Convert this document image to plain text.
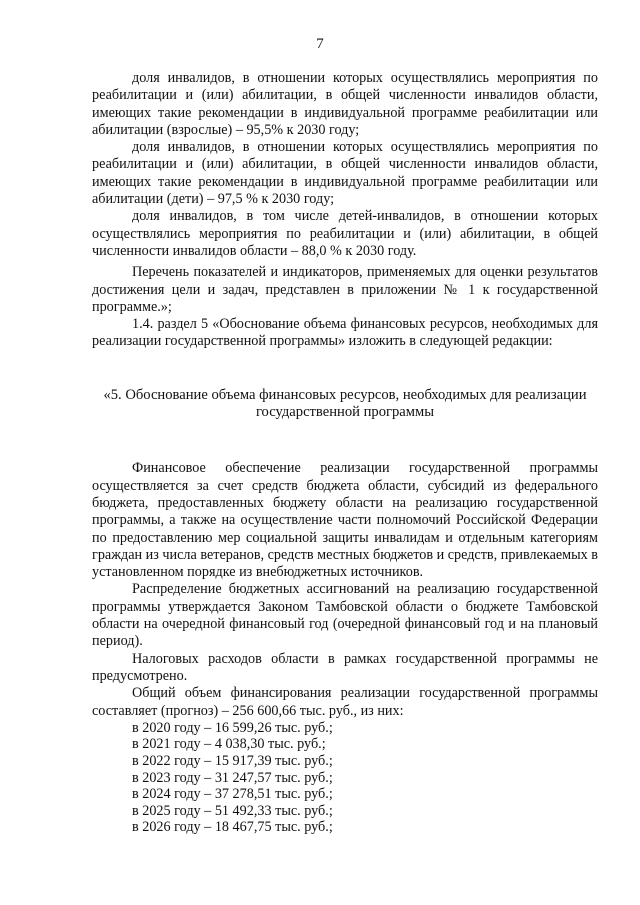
7

доля инвалидов, в отношении которых осуществлялись мероприятия по реабилитации и (или) абилитации, в общей численности инвалидов области, имеющих такие рекомендации в индивидуальной программе реабилитации или абилитации (взрослые) – 95,5% к 2030 году;

доля инвалидов, в отношении которых осуществлялись мероприятия по реабилитации и (или) абилитации, в общей численности инвалидов области, имеющих такие рекомендации в индивидуальной программе реабилитации или абилитации (дети) – 97,5 % к 2030 году;

доля инвалидов, в том числе детей-инвалидов, в отношении которых осуществлялись мероприятия по реабилитации и (или) абилитации, в общей численности инвалидов области – 88,0 % к 2030 году.

Перечень показателей и индикаторов, применяемых для оценки результатов достижения цели и задач, представлен в приложении № 1 к государственной программе.»;

1.4. раздел 5 «Обоснование объема финансовых ресурсов, необходимых для реализации государственной программы» изложить в следующей редакции:

«5. Обоснование объема финансовых ресурсов, необходимых для реализации государственной программы

Финансовое обеспечение реализации государственной программы осуществляется за счет средств бюджета области, субсидий из федерального бюджета, предоставленных бюджету области на реализацию государственной программы, а также на осуществление части полномочий Российской Федерации по предоставлению мер социальной защиты инвалидам и отдельным категориям граждан из числа ветеранов, средств местных бюджетов и средств, привлекаемых в установленном порядке из внебюджетных источников.

Распределение бюджетных ассигнований на реализацию государственной программы утверждается Законом Тамбовской области о бюджете Тамбовской области на очередной финансовый год (очередной финансовый год и на плановый период).

Налоговых расходов области в рамках государственной программы не предусмотрено.

Общий объем финансирования реализации государственной программы составляет (прогноз) – 256 600,66 тыс. руб., из них:

в 2020 году – 16 599,26 тыс. руб.;

в 2021 году – 4 038,30 тыс. руб.;

в 2022 году – 15 917,39 тыс. руб.;

в 2023 году – 31 247,57 тыс. руб.;

в 2024 году – 37 278,51 тыс. руб.;

в 2025 году – 51 492,33 тыс. руб.;

в 2026 году – 18 467,75 тыс. руб.;
